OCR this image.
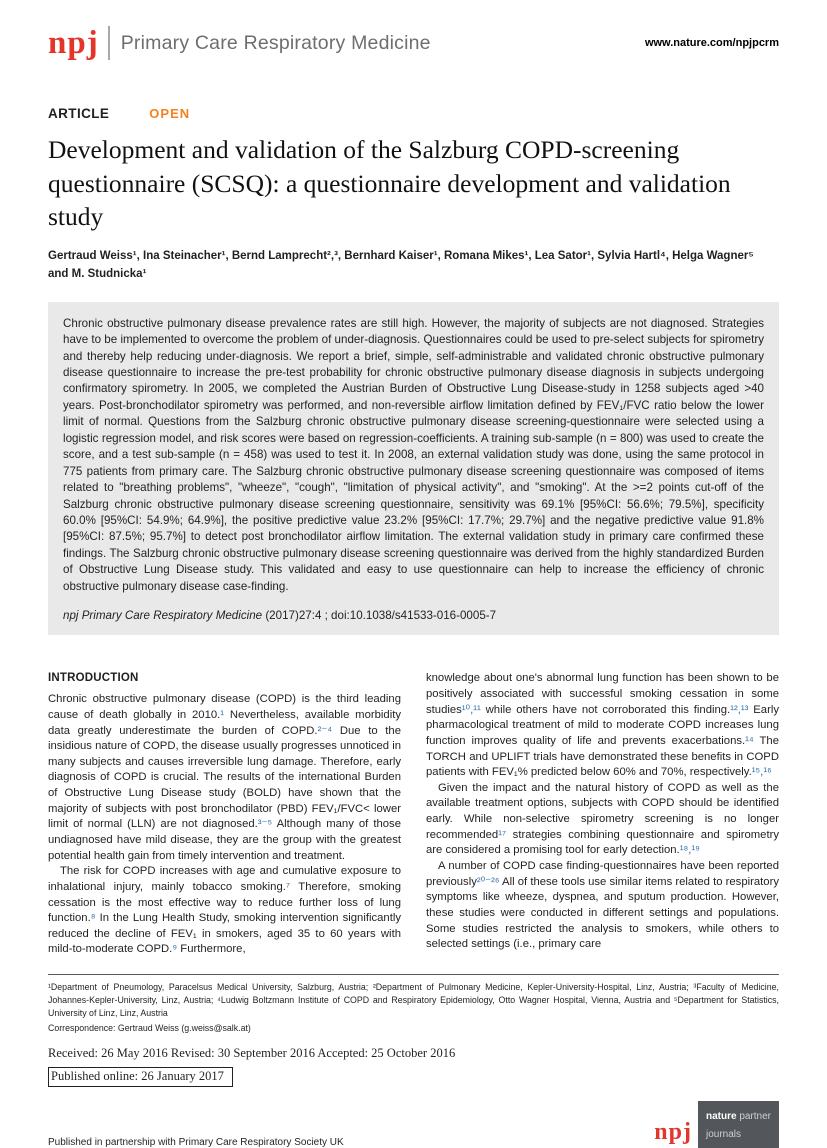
npj Primary Care Respiratory Medicine	www.nature.com/npjpcrm
ARTICLE	OPEN
Development and validation of the Salzburg COPD-screening questionnaire (SCSQ): a questionnaire development and validation study
Gertraud Weiss¹, Ina Steinacher¹, Bernd Lamprecht²,³, Bernhard Kaiser¹, Romana Mikes¹, Lea Sator¹, Sylvia Hartl⁴, Helga Wagner⁵ and M. Studnicka¹

Chronic obstructive pulmonary disease prevalence rates are still high. However, the majority of subjects are not diagnosed. Strategies have to be implemented to overcome the problem of under-diagnosis. Questionnaires could be used to pre-select subjects for spirometry and thereby help reducing under-diagnosis. We report a brief, simple, self-administrable and validated chronic obstructive pulmonary disease questionnaire to increase the pre-test probability for chronic obstructive pulmonary disease diagnosis in subjects undergoing confirmatory spirometry. In 2005, we completed the Austrian Burden of Obstructive Lung Disease-study in 1258 subjects aged >40 years. Post-bronchodilator spirometry was performed, and non-reversible airflow limitation defined by FEV₁/FVC ratio below the lower limit of normal. Questions from the Salzburg chronic obstructive pulmonary disease screening-questionnaire were selected using a logistic regression model, and risk scores were based on regression-coefficients. A training sub-sample (n = 800) was used to create the score, and a test sub-sample (n = 458) was used to test it. In 2008, an external validation study was done, using the same protocol in 775 patients from primary care. The Salzburg chronic obstructive pulmonary disease screening questionnaire was composed of items related to "breathing problems", "wheeze", "cough", "limitation of physical activity", and "smoking". At the >=2 points cut-off of the Salzburg chronic obstructive pulmonary disease screening questionnaire, sensitivity was 69.1% [95%CI: 56.6%; 79.5%], specificity 60.0% [95%CI: 54.9%; 64.9%], the positive predictive value 23.2% [95%CI: 17.7%; 29.7%] and the negative predictive value 91.8% [95%CI: 87.5%; 95.7%] to detect post bronchodilator airflow limitation. The external validation study in primary care confirmed these findings. The Salzburg chronic obstructive pulmonary disease screening questionnaire was derived from the highly standardized Burden of Obstructive Lung Disease study. This validated and easy to use questionnaire can help to increase the efficiency of chronic obstructive pulmonary disease case-finding.

npj Primary Care Respiratory Medicine (2017)27:4 ; doi:10.1038/s41533-016-0005-7

INTRODUCTION

Chronic obstructive pulmonary disease (COPD) is the third leading cause of death globally in 2010.¹ Nevertheless, available morbidity data greatly underestimate the burden of COPD.²⁻⁴ Due to the insidious nature of COPD, the disease usually progresses unnoticed in many subjects and causes irreversible lung damage. Therefore, early diagnosis of COPD is crucial. The results of the international Burden of Obstructive Lung Disease study (BOLD) have shown that the majority of subjects with post bronchodilator (PBD) FEV₁/FVC< lower limit of normal (LLN) are not diagnosed.³⁻⁵ Although many of those undiagnosed have mild disease, they are the group with the greatest potential health gain from timely intervention and treatment.

The risk for COPD increases with age and cumulative exposure to inhalational injury, mainly tobacco smoking.⁷ Therefore, smoking cessation is the most effective way to reduce further loss of lung function.⁸ In the Lung Health Study, smoking intervention significantly reduced the decline of FEV₁ in smokers, aged 35 to 60 years with mild-to-moderate COPD.⁹ Furthermore,

knowledge about one's abnormal lung function has been shown to be positively associated with successful smoking cessation in some studies¹⁰,¹¹ while others have not corroborated this finding.¹²,¹³ Early pharmacological treatment of mild to moderate COPD increases lung function improves quality of life and prevents exacerbations.¹⁴ The TORCH and UPLIFT trials have demonstrated these benefits in COPD patients with FEV₁% predicted below 60% and 70%, respectively.¹⁵,¹⁶

Given the impact and the natural history of COPD as well as the available treatment options, subjects with COPD should be identified early. While non-selective spirometry screening is no longer recommended¹⁷ strategies combining questionnaire and spirometry are considered a promising tool for early detection.¹⁸,¹⁹

A number of COPD case finding-questionnaires have been reported previously²⁰⁻²⁶ All of these tools use similar items related to respiratory symptoms like wheeze, dyspnea, and sputum production. However, these studies were conducted in different settings and populations. Some studies restricted the analysis to smokers, while others to selected settings (i.e., primary care

¹Department of Pneumology, Paracelsus Medical University, Salzburg, Austria; ²Department of Pulmonary Medicine, Kepler-University-Hospital, Linz, Austria; ³Faculty of Medicine, Johannes-Kepler-University, Linz, Austria; ⁴Ludwig Boltzmann Institute of COPD and Respiratory Epidemiology, Otto Wagner Hospital, Vienna, Austria and ⁵Department for Statistics, University of Linz, Linz, Austria

Correspondence: Gertraud Weiss (g.weiss@salk.at)

Received: 26 May 2016 Revised: 30 September 2016 Accepted: 25 October 2016

Published online: 26 January 2017
Published in partnership with Primary Care Respiratory Society UK	npj
nature partner
journals
